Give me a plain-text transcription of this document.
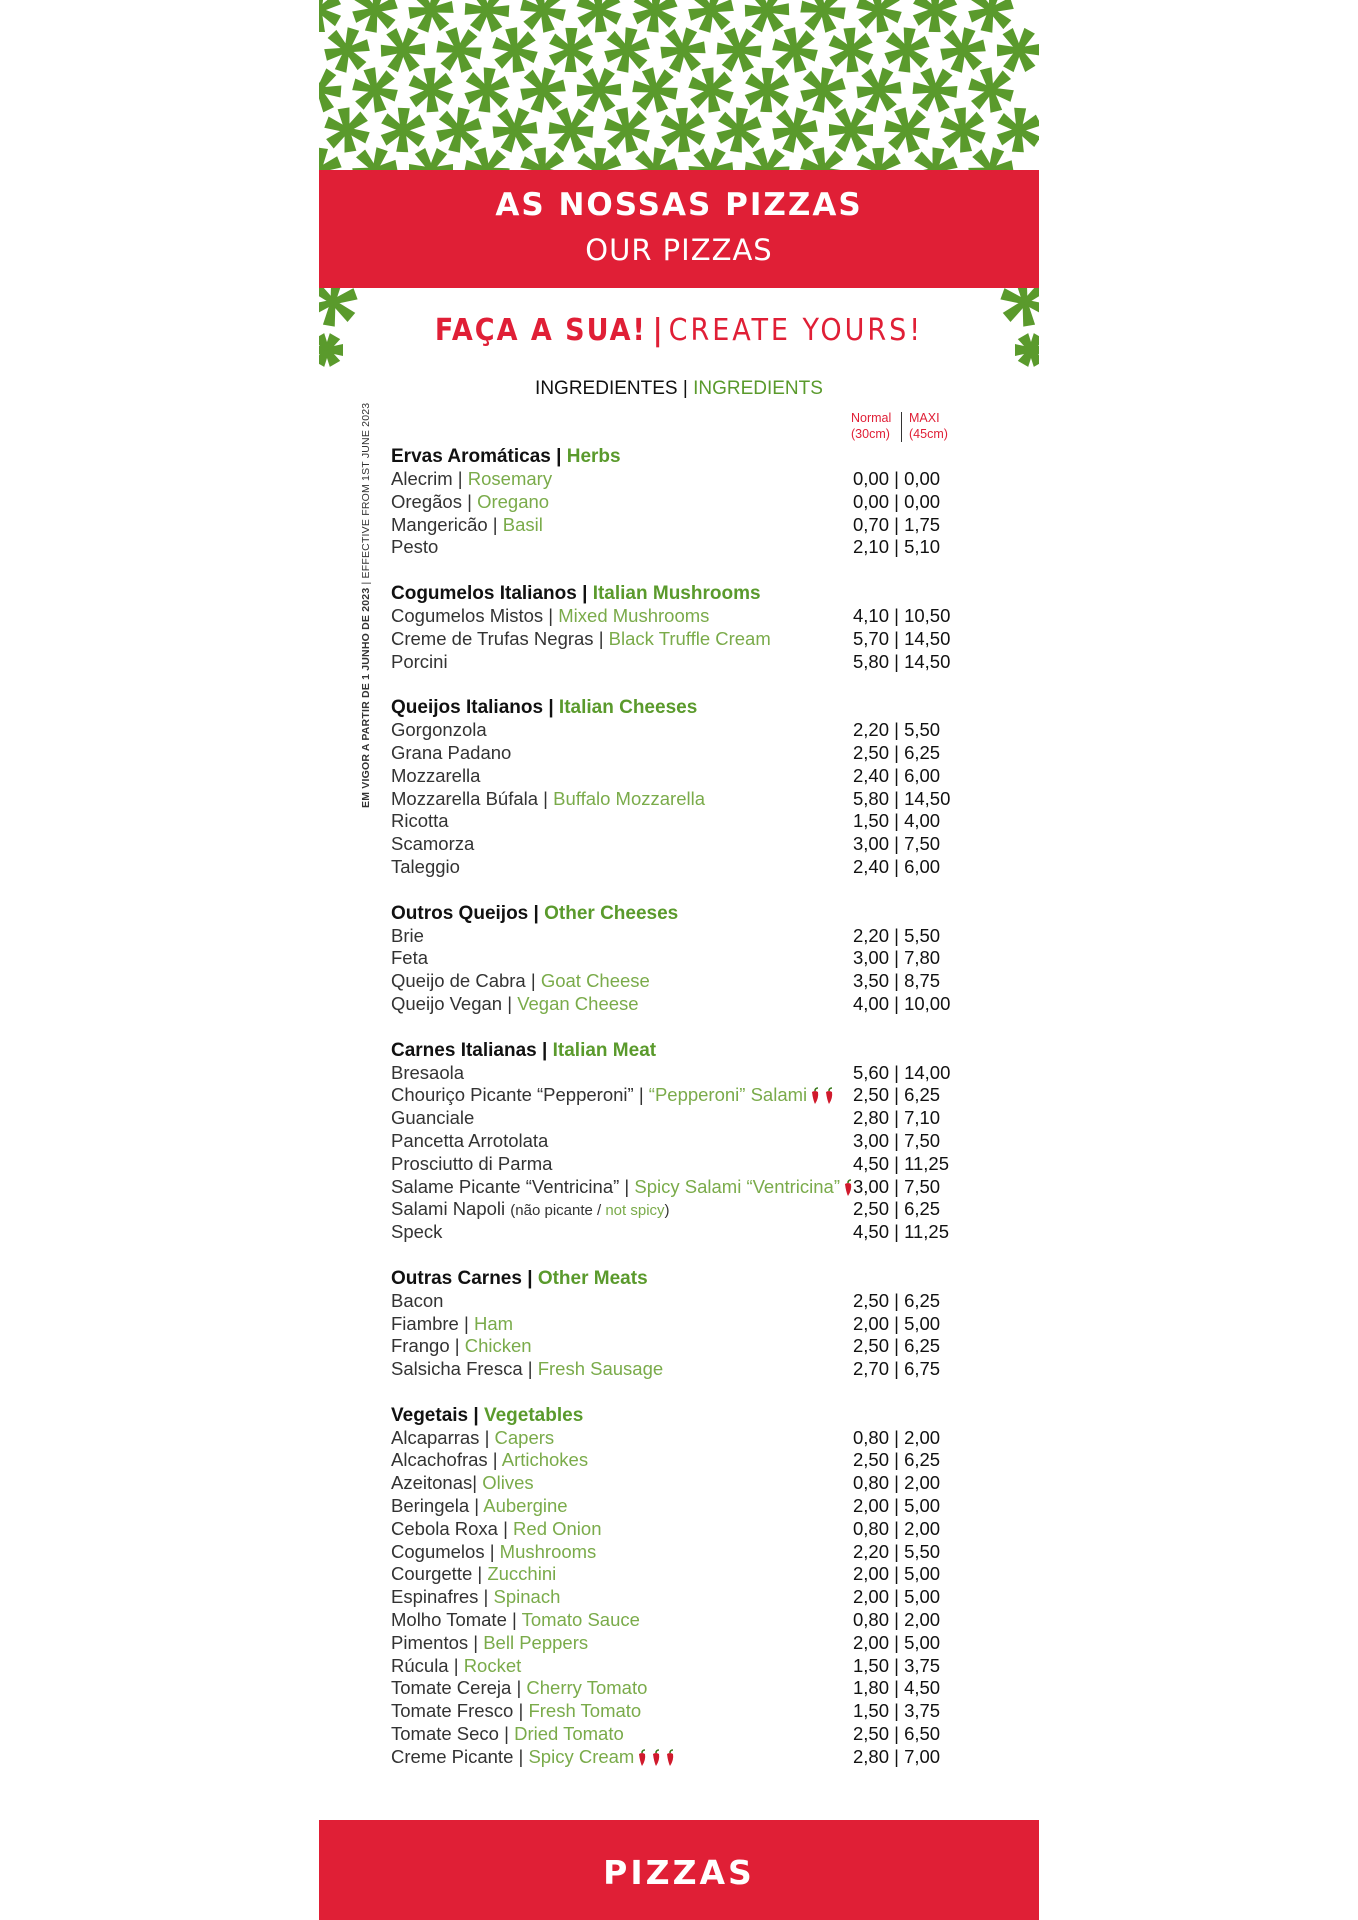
AS NOSSAS PIZZAS
OUR PIZZAS
FAÇA A SUA! | CREATE YOURS!
INGREDIENTES | INGREDIENTS
Normal
(30cm)
MAXI
(45cm)
EM VIGOR A PARTIR DE 1 JUNHO DE 2023 | EFFECTIVE FROM 1ST JUNE 2023 Ervas Aromáticas | Herbs
Alecrim | Rosemary	0,00 | 0,00
Oregãos | Oregano	0,00 | 0,00
Mangericão | Basil	0,70 | 1,75
Pesto	2,10 | 5,10
Cogumelos Italianos | Italian Mushrooms
Cogumelos Mistos | Mixed Mushrooms	4,10 | 10,50
Creme de Trufas Negras | Black Truffle Cream	5,70 | 14,50
Porcini	5,80 | 14,50
Queijos Italianos | Italian Cheeses
Gorgonzola	2,20 | 5,50
Grana Padano	2,50 | 6,25
Mozzarella	2,40 | 6,00
Mozzarella Búfala | Buffalo Mozzarella	5,80 | 14,50
Ricotta	1,50 | 4,00
Scamorza	3,00 | 7,50
Taleggio	2,40 | 6,00
Outros Queijos | Other Cheeses
Brie	2,20 | 5,50
Feta	3,00 | 7,80
Queijo de Cabra | Goat Cheese	3,50 | 8,75
Queijo Vegan | Vegan Cheese	4,00 | 10,00
Carnes Italianas | Italian Meat
Bresaola	5,60 | 14,00
Chouriço Picante “Pepperoni” | “Pepperoni” Salami 2,50 | 6,25
Guanciale	2,80 | 7,10
Pancetta Arrotolata	3,00 | 7,50
Prosciutto di Parma	4,50 | 11,25
Salame Picante “Ventricina” | Spicy Salami “Ventricina” 3,00 | 7,50
Salami Napoli (não picante / not spicy)	2,50 | 6,25
Speck	4,50 | 11,25
Outras Carnes | Other Meats
Bacon	2,50 | 6,25
Fiambre | Ham	2,00 | 5,00
Frango | Chicken	2,50 | 6,25
Salsicha Fresca | Fresh Sausage	2,70 | 6,75
Vegetais | Vegetables
Alcaparras | Capers	0,80 | 2,00
Alcachofras | Artichokes	2,50 | 6,25
Azeitonas| Olives	0,80 | 2,00
Beringela | Aubergine	2,00 | 5,00
Cebola Roxa | Red Onion	0,80 | 2,00
Cogumelos | Mushrooms	2,20 | 5,50
Courgette | Zucchini	2,00 | 5,00
Espinafres | Spinach	2,00 | 5,00
Molho Tomate | Tomato Sauce	0,80 | 2,00
Pimentos | Bell Peppers	2,00 | 5,00
Rúcula | Rocket	1,50 | 3,75
Tomate Cereja | Cherry Tomato	1,80 | 4,50
Tomate Fresco | Fresh Tomato	1,50 | 3,75
Tomate Seco | Dried Tomato	2,50 | 6,50
Creme Picante | Spicy Cream	2,80 | 7,00
PIZZAS
